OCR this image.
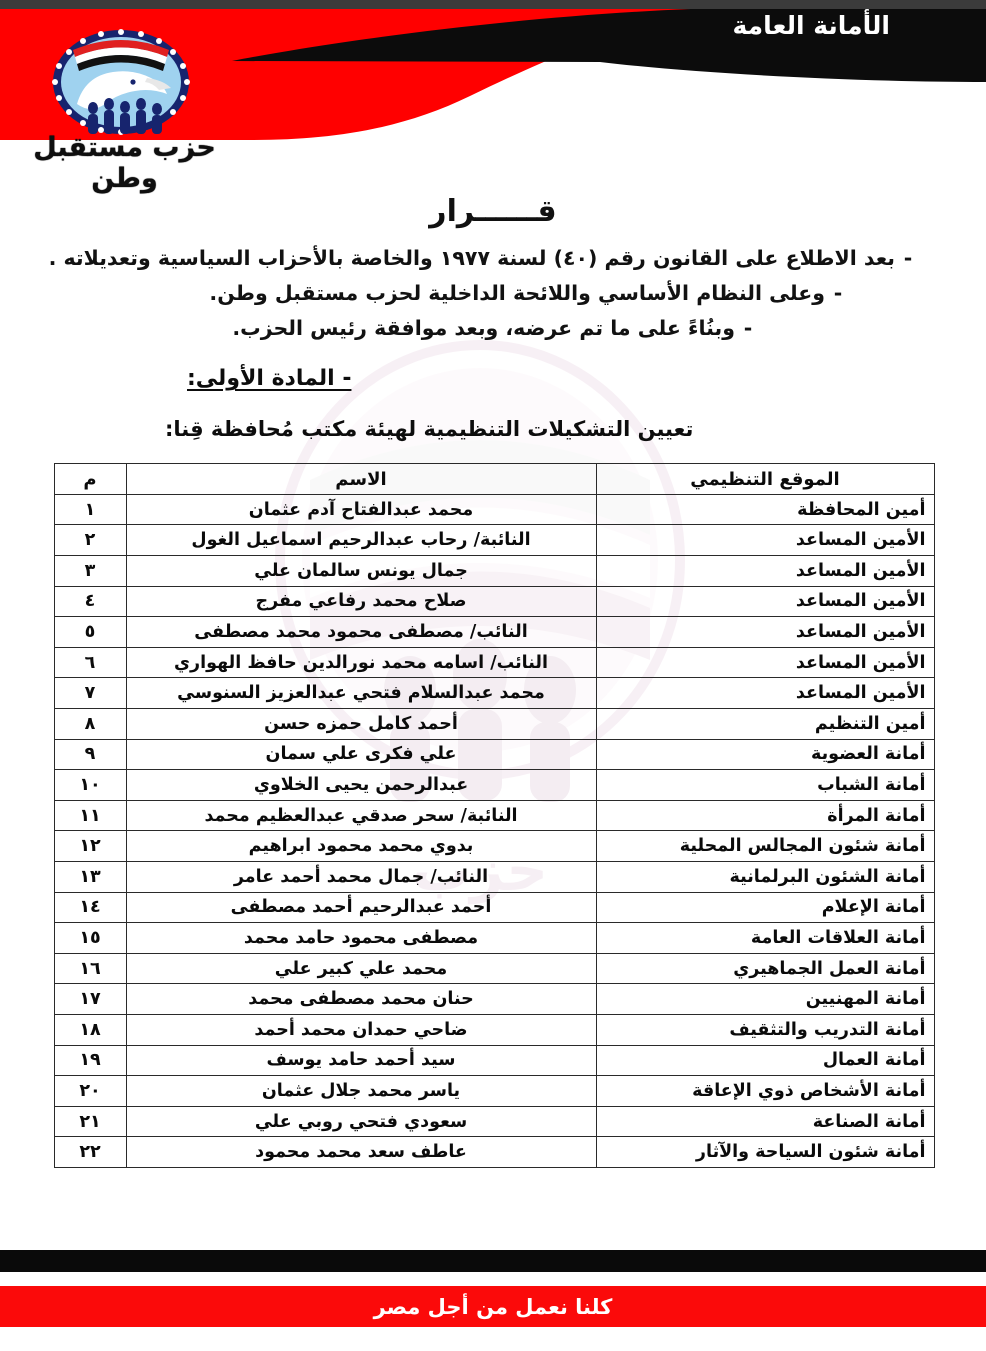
حزب
الأمانة العامة
حزب مستقبل وطن
قــــــرار
-
بعد الاطلاع على القانون رقم (٤٠) لسنة ١٩٧٧ والخاصة بالأحزاب السياسية وتعديلاته .
-
وعلى النظام الأساسي واللائحة الداخلية لحزب مستقبل وطن.
-
وبنُاءً على ما تم عرضه، وبعد موافقة رئيس الحزب.
- المادة الأولى:
تعيين التشكيلات التنظيمية لهيئة مكتب مُحافظة قِنا:
الموقع التنظيمي	الاسم	م
أمين المحافظة	محمد عبدالفتاح آدم عثمان	١
الأمين المساعد	النائبة/ رحاب عبدالرحيم اسماعيل الغول	٢
الأمين المساعد	جمال يونس سالمان علي	٣
الأمين المساعد	صلاح محمد رفاعي مفرج	٤
الأمين المساعد	النائب/ مصطفى محمود محمد مصطفى	٥
الأمين المساعد	النائب/ اسامه محمد نورالدين حافظ الهواري	٦
الأمين المساعد	محمد عبدالسلام فتحي عبدالعزيز السنوسي	٧
أمين التنظيم	أحمد كامل حمزه حسن	٨
أمانة العضوية	علي فكرى علي سمان	٩
أمانة الشباب	عبدالرحمن يحيى الخلاوي	١٠
أمانة المرأة	النائبة/ سحر صدقي عبدالعظيم محمد	١١
أمانة شئون المجالس المحلية	بدوي محمد محمود ابراهيم	١٢
أمانة الشئون البرلمانية	النائب/ جمال محمد أحمد عامر	١٣
أمانة الإعلام	أحمد عبدالرحيم أحمد مصطفى	١٤
أمانة العلاقات العامة	مصطفى محمود حامد محمد	١٥
أمانة العمل الجماهيري	محمد علي كبير علي	١٦
أمانة المهنيين	حنان محمد مصطفى محمد	١٧
أمانة التدريب والتثقيف	ضاحي حمدان محمد أحمد	١٨
أمانة العمال	سيد أحمد حامد يوسف	١٩
أمانة الأشخاص ذوي الإعاقة	ياسر محمد جلال عثمان	٢٠
أمانة الصناعة	سعودي فتحي روبي علي	٢١
أمانة شئون السياحة والآثار	عاطف سعد محمد محمود	٢٢
كلنا نعمل من أجل مصر
